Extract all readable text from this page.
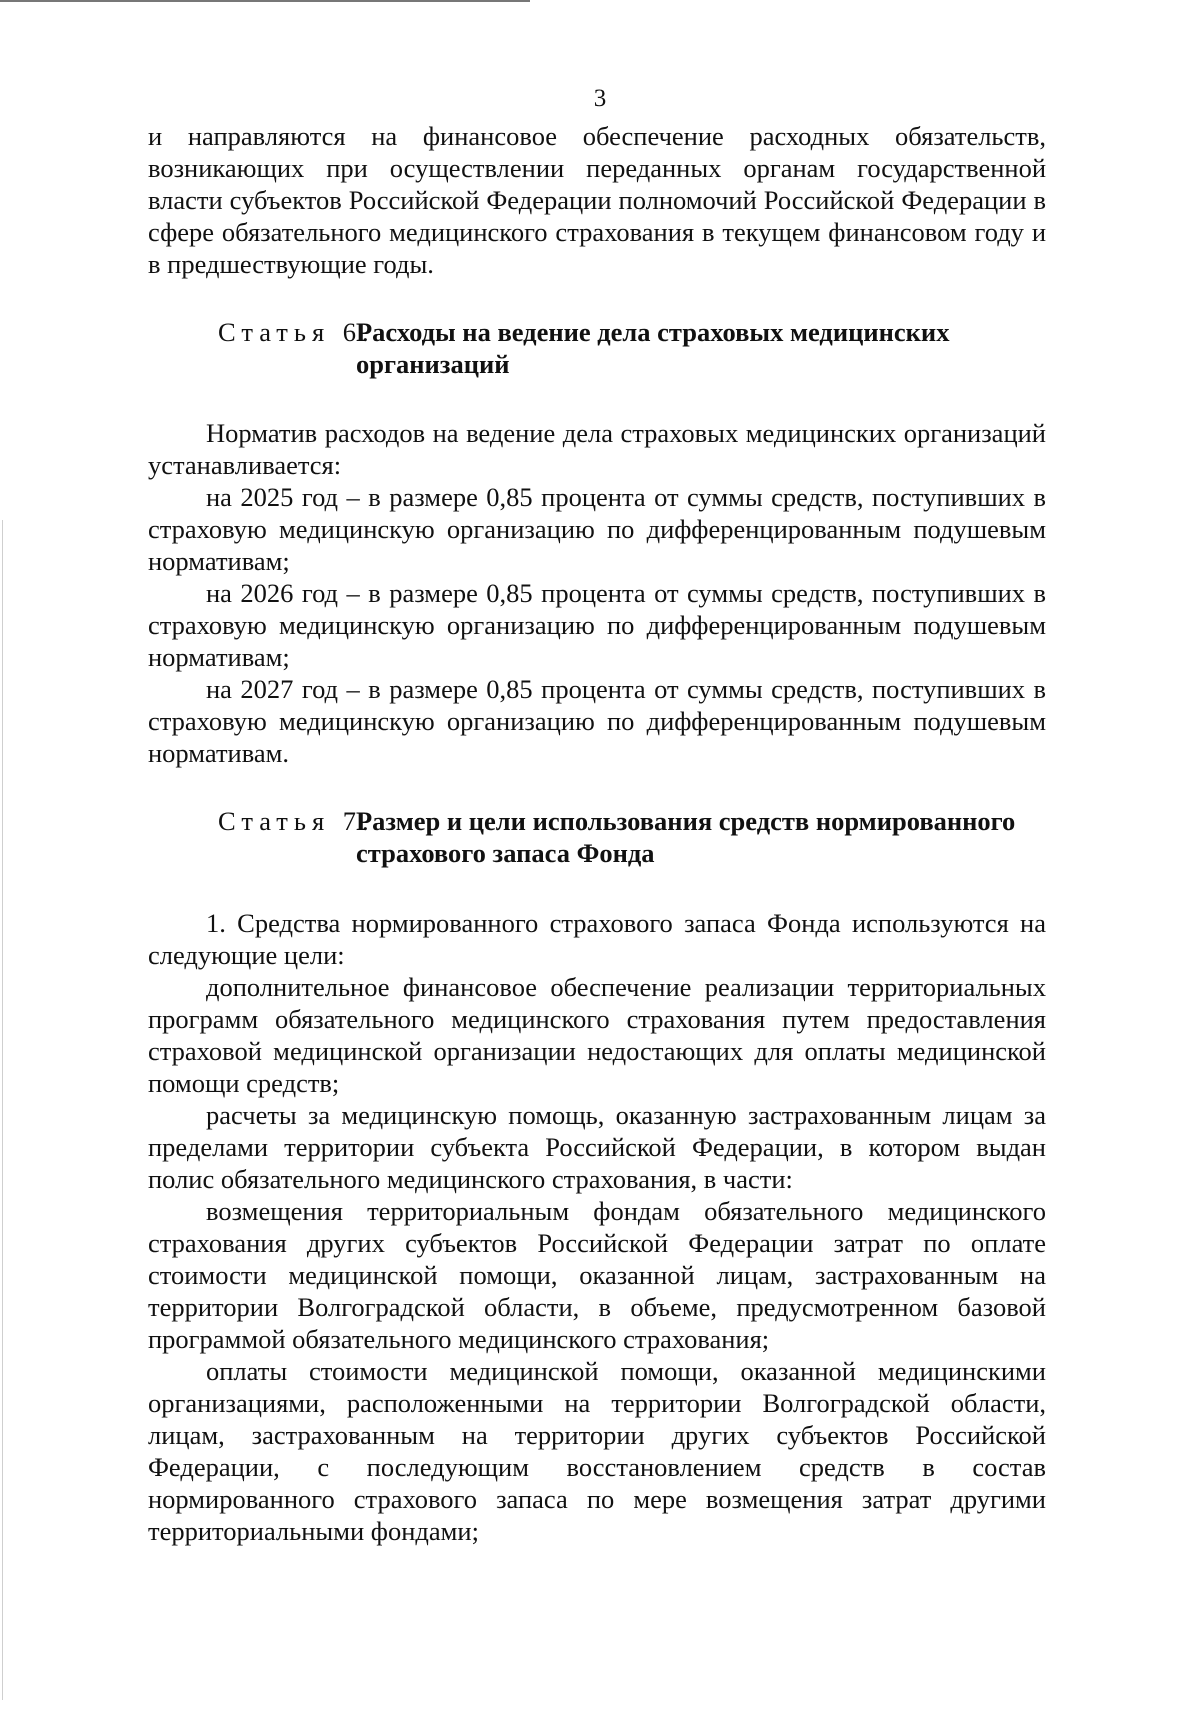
3

и направляются на финансовое обеспечение расходных обязательств, возникающих при осуществлении переданных органам государственной власти субъектов Российской Федерации полномочий Российской Федерации в сфере обязательного медицинского страхования в текущем финансовом году и в предшествующие годы.

Статья 6.
Расходы на ведение дела страховых медицинских организаций

Норматив расходов на ведение дела страховых медицинских организаций устанавливается:

на 2025 год – в размере 0,85 процента от суммы средств, поступивших в страховую медицинскую организацию по дифференцированным подушевым нормативам;

на 2026 год – в размере 0,85 процента от суммы средств, поступивших в страховую медицинскую организацию по дифференцированным подушевым нормативам;

на 2027 год – в размере 0,85 процента от суммы средств, поступивших в страховую медицинскую организацию по дифференцированным подушевым нормативам.

Статья 7.
Размер и цели использования средств нормированного страхового запаса Фонда

1. Средства нормированного страхового запаса Фонда используются на следующие цели:

дополнительное финансовое обеспечение реализации территориальных программ обязательного медицинского страхования путем предоставления страховой медицинской организации недостающих для оплаты медицинской помощи средств;

расчеты за медицинскую помощь, оказанную застрахованным лицам за пределами территории субъекта Российской Федерации, в котором выдан полис обязательного медицинского страхования, в части:

возмещения территориальным фондам обязательного медицинского страхования других субъектов Российской Федерации затрат по оплате стоимости медицинской помощи, оказанной лицам, застрахованным на территории Волгоградской области, в объеме, предусмотренном базовой программой обязательного медицинского страхования;

оплаты стоимости медицинской помощи, оказанной медицинскими организациями, расположенными на территории Волгоградской области, лицам, застрахованным на территории других субъектов Российской Федерации, с последующим восстановлением средств в состав нормированного страхового запаса по мере возмещения затрат другими территориальными фондами;
